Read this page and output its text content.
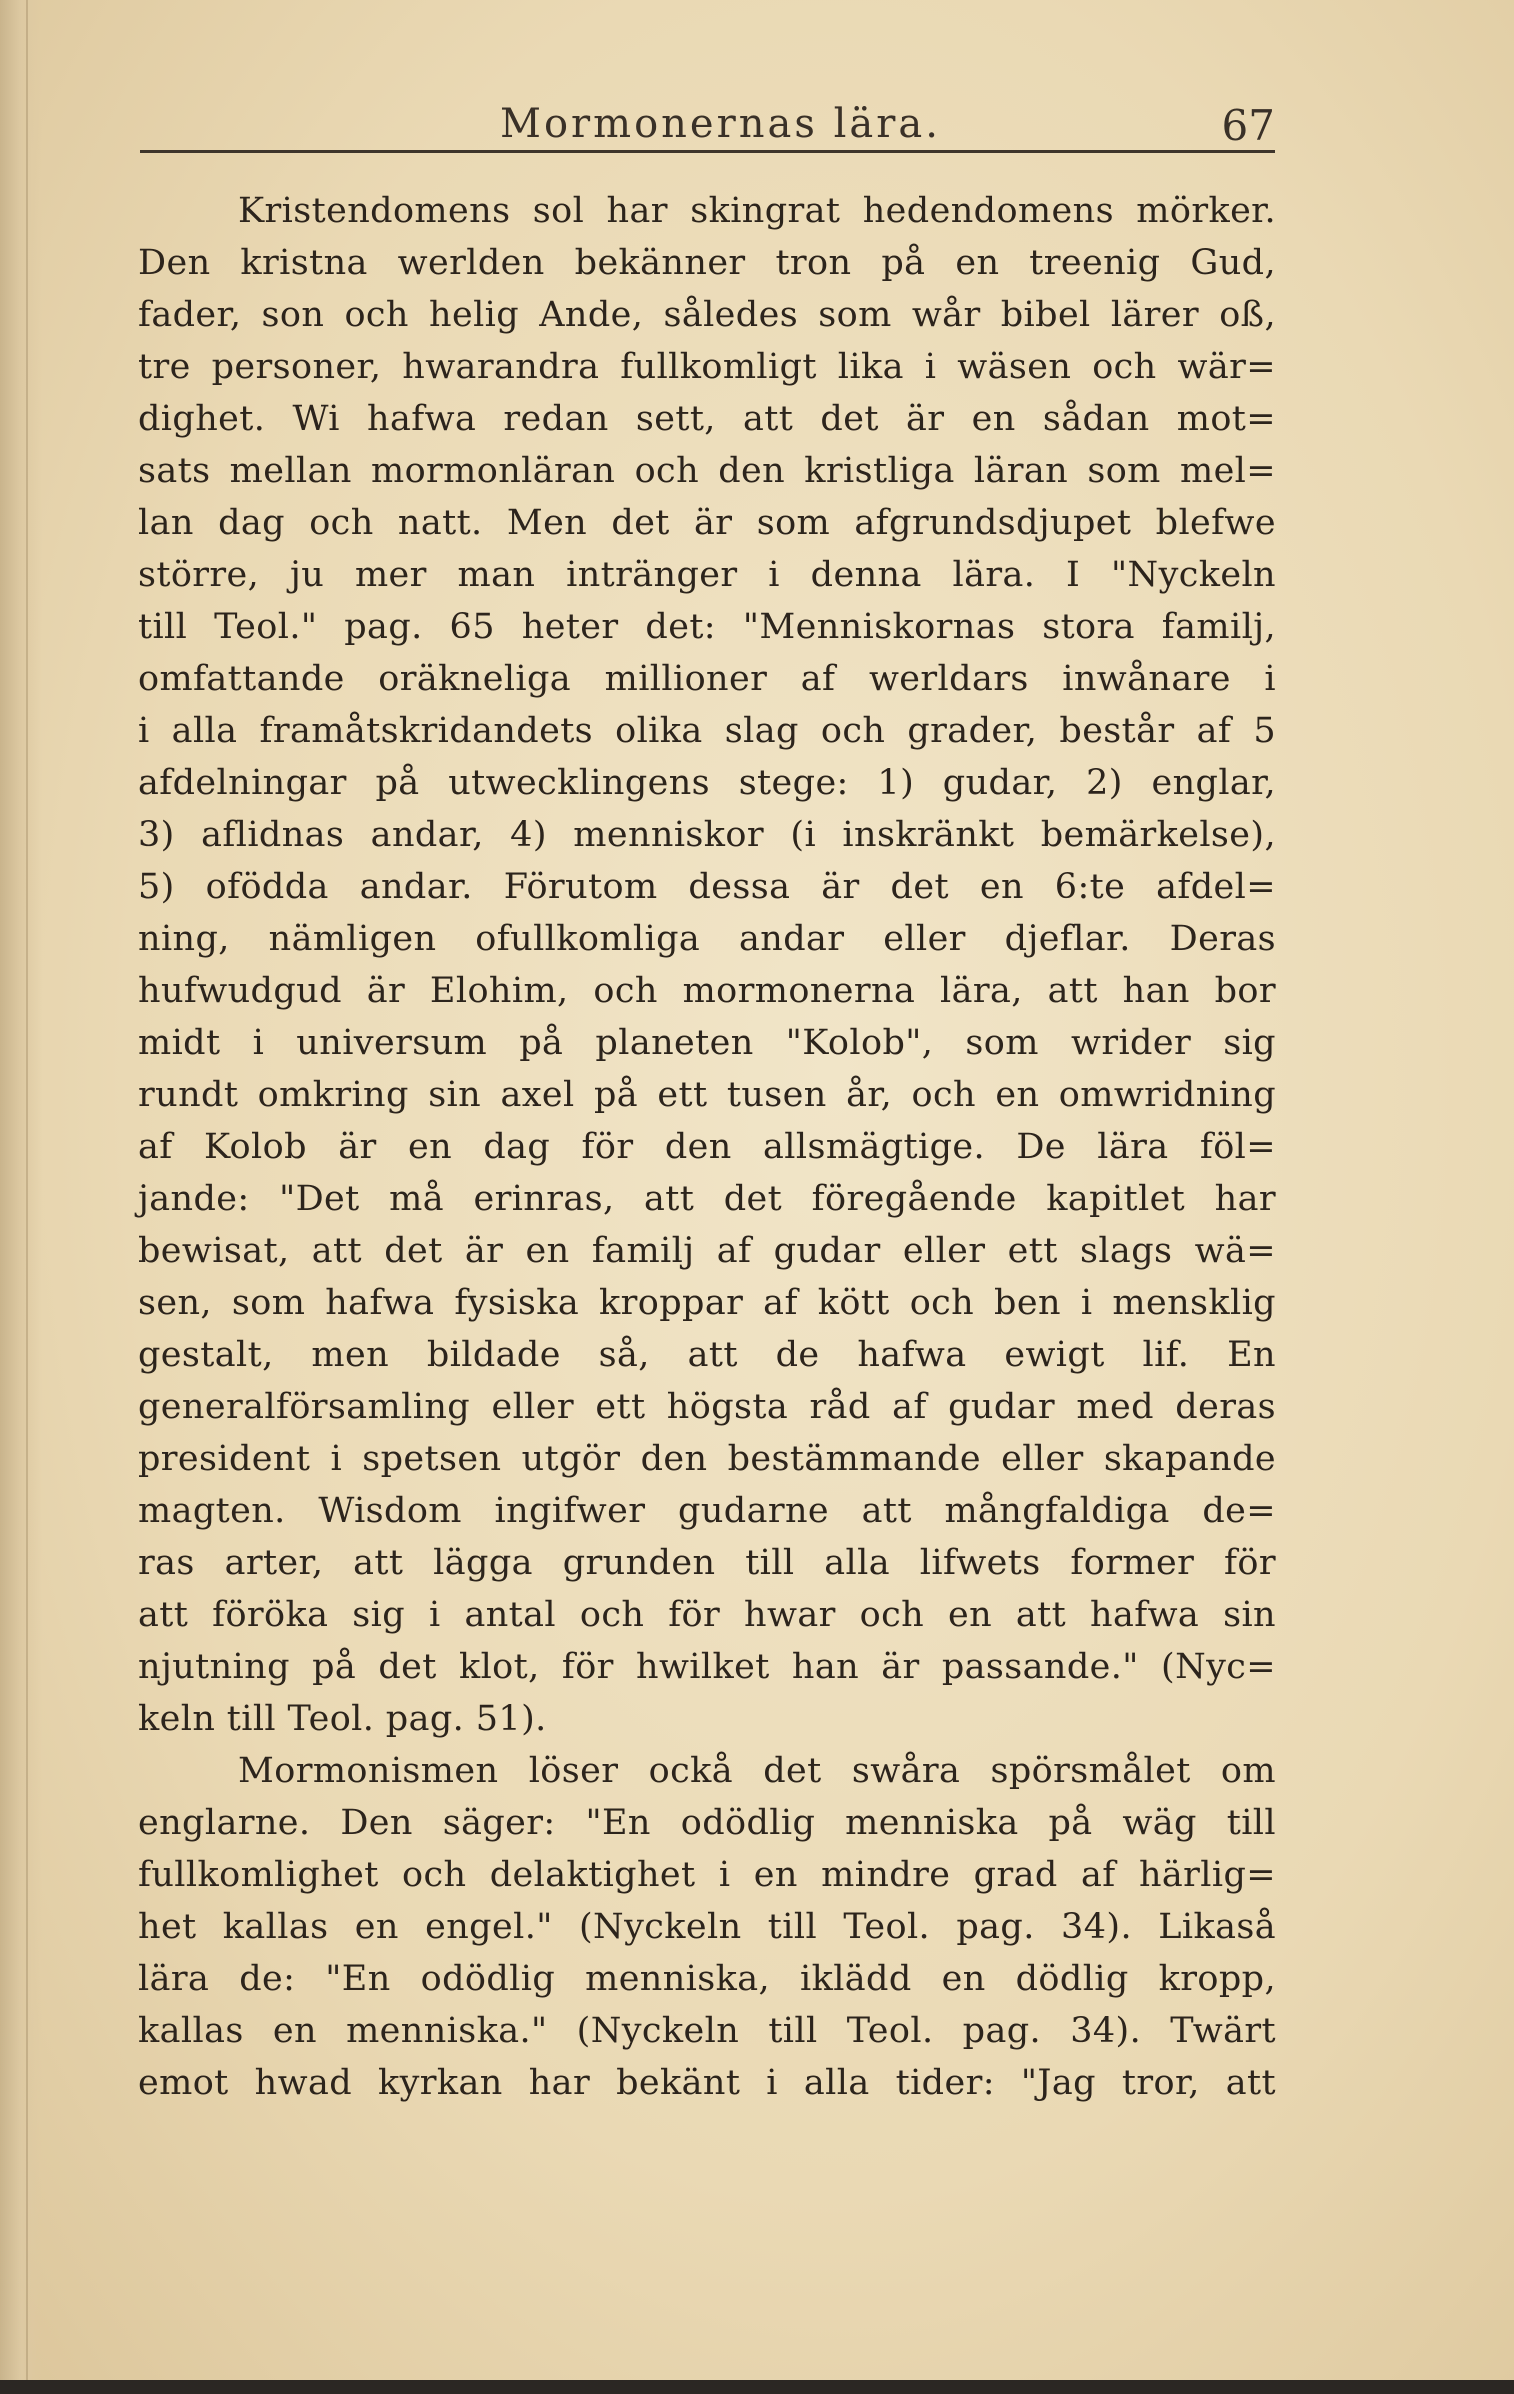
Mormonernas lära.	67
Kristendomens sol har skingrat hedendomens mörker.
Den kristna werlden bekänner tron på en treenig Gud,
fader, son och helig Ande, således som wår bibel lärer oß,
tre personer, hwarandra fullkomligt lika i wäsen och wär=
dighet. Wi hafwa redan sett, att det är en sådan mot=
sats mellan mormonläran och den kristliga läran som mel=
lan dag och natt. Men det är som afgrundsdjupet blefwe
större, ju mer man intränger i denna lära. I "Nyckeln
till Teol." pag. 65 heter det: "Menniskornas stora familj,
omfattande oräkneliga millioner af werldars inwånare i
i alla framåtskridandets olika slag och grader, består af 5
afdelningar på utwecklingens stege: 1) gudar, 2) englar,
3) aflidnas andar, 4) menniskor (i inskränkt bemärkelse),
5) ofödda andar. Förutom dessa är det en 6:te afdel=
ning, nämligen ofullkomliga andar eller djeflar. Deras
hufwudgud är Elohim, och mormonerna lära, att han bor
midt i universum på planeten "Kolob", som wrider sig
rundt omkring sin axel på ett tusen år, och en omwridning
af Kolob är en dag för den allsmägtige. De lära föl=
jande: "Det må erinras, att det föregående kapitlet har
bewisat, att det är en familj af gudar eller ett slags wä=
sen, som hafwa fysiska kroppar af kött och ben i mensklig
gestalt, men bildade så, att de hafwa ewigt lif. En
generalförsamling eller ett högsta råd af gudar med deras
president i spetsen utgör den bestämmande eller skapande
magten. Wisdom ingifwer gudarne att mångfaldiga de=
ras arter, att lägga grunden till alla lifwets former för
att föröka sig i antal och för hwar och en att hafwa sin
njutning på det klot, för hwilket han är passande." (Nyc=
keln till Teol. pag. 51).
Mormonismen löser ockå det swåra spörsmålet om
englarne. Den säger: "En odödlig menniska på wäg till
fullkomlighet och delaktighet i en mindre grad af härlig=
het kallas en engel." (Nyckeln till Teol. pag. 34). Likaså
lära de: "En odödlig menniska, iklädd en dödlig kropp,
kallas en menniska." (Nyckeln till Teol. pag. 34). Twärt
emot hwad kyrkan har bekänt i alla tider: "Jag tror, att
